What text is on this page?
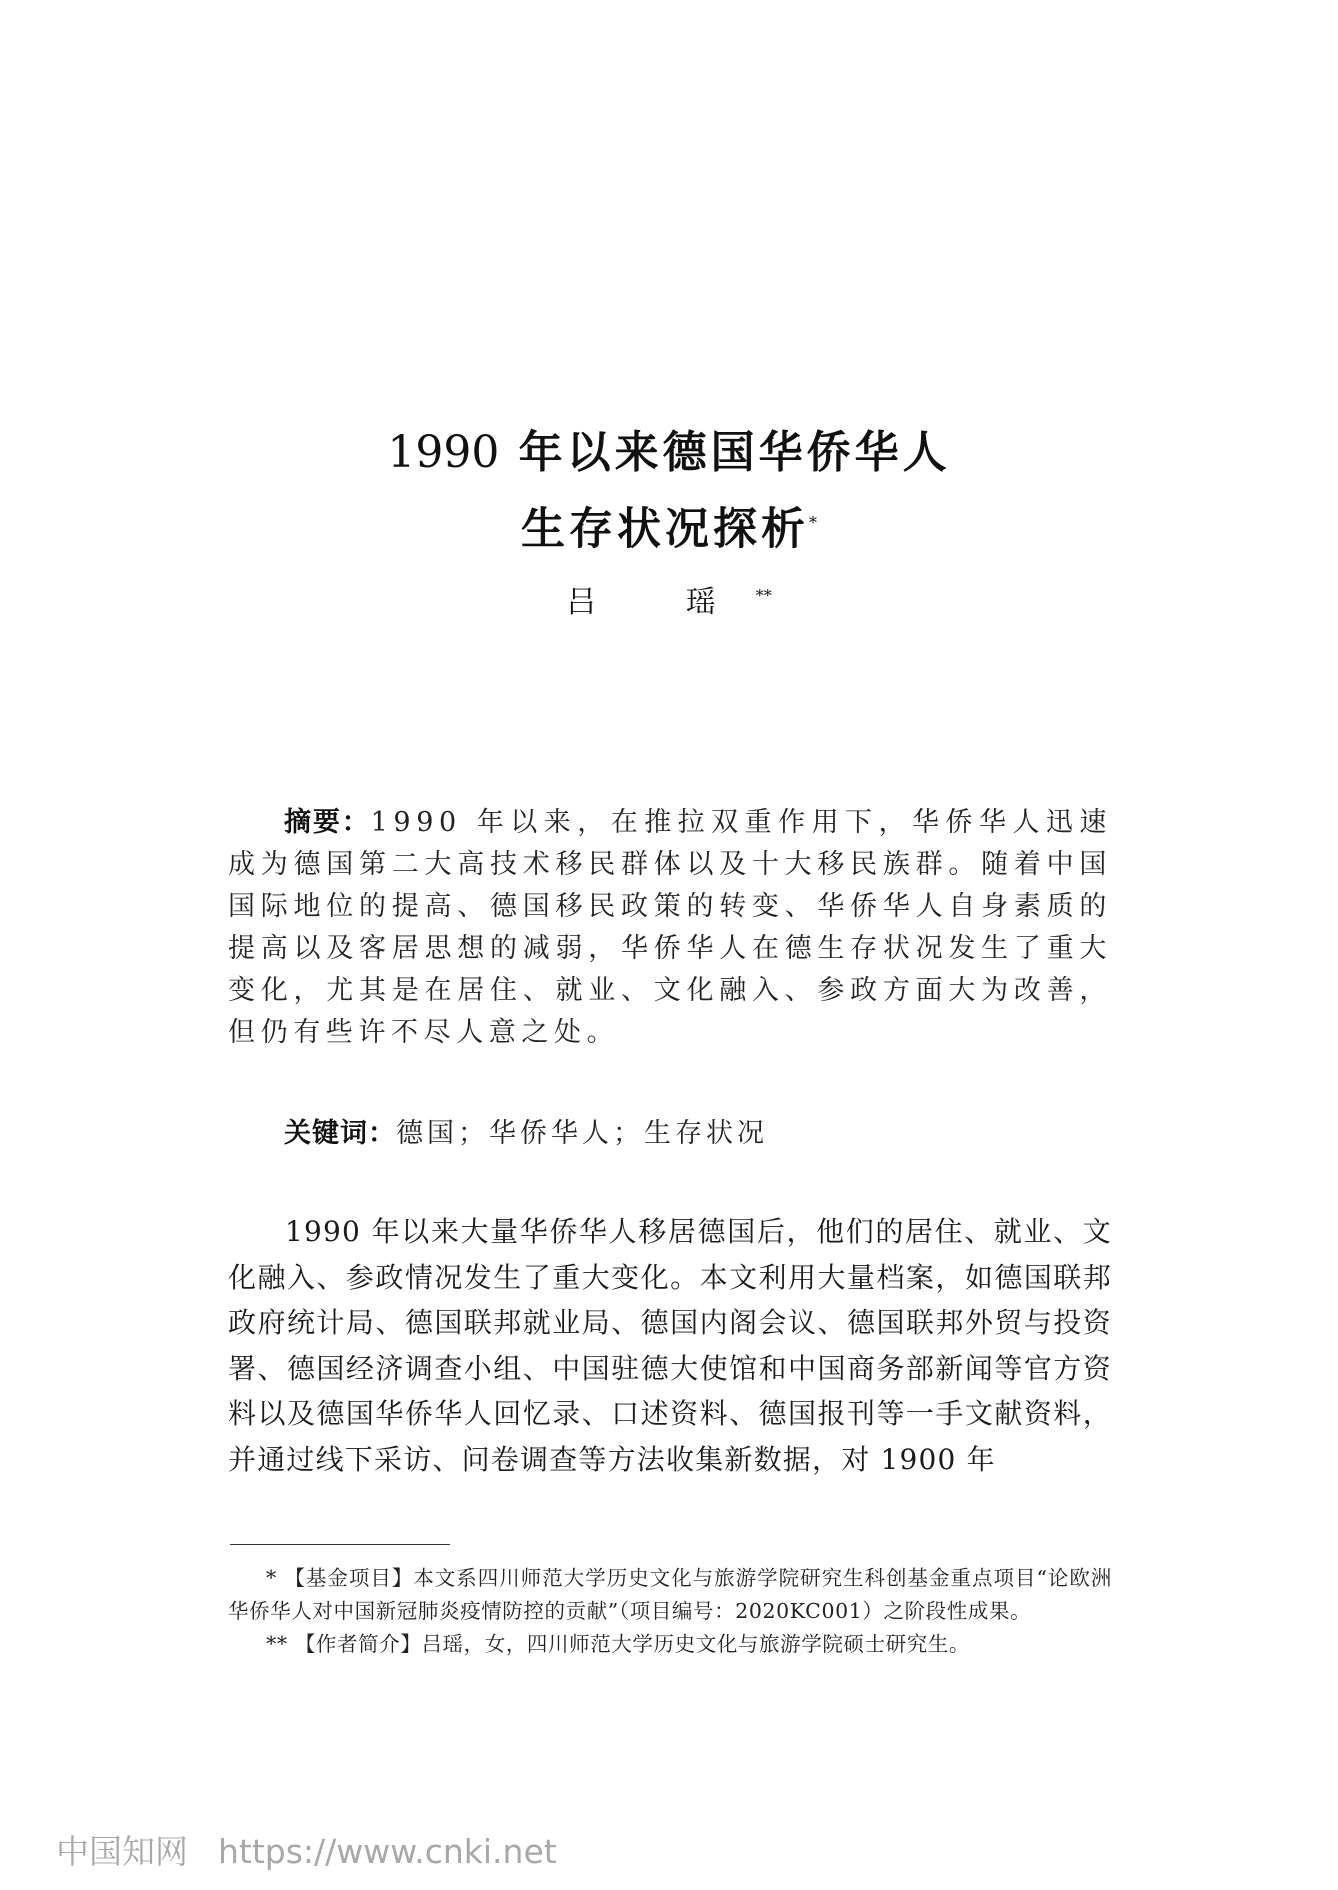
1990 年以来德国华侨华人
生存状况探析*
吕 瑶**
摘要：1990 年以来，在推拉双重作用下，华侨华人迅速成为德国第二大高技术移民群体以及十大移民族群。随着中国国际地位的提高、德国移民政策的转变、华侨华人自身素质的提高以及客居思想的减弱，华侨华人在德生存状况发生了重大变化，尤其是在居住、就业、文化融入、参政方面大为改善，但仍有些许不尽人意之处。
关键词：德国；华侨华人；生存状况
1990 年以来大量华侨华人移居德国后，他们的居住、就业、文化融入、参政情况发生了重大变化。本文利用大量档案，如德国联邦政府统计局、德国联邦就业局、德国内阁会议、德国联邦外贸与投资署、德国经济调查小组、中国驻德大使馆和中国商务部新闻等官方资料以及德国华侨华人回忆录、口述资料、德国报刊等一手文献资料，并通过线下采访、问卷调查等方法收集新数据，对 1900 年
* 【基金项目】本文系四川师范大学历史文化与旅游学院研究生科创基金重点项目“论欧洲华侨华人对中国新冠肺炎疫情防控的贡献”（项目编号：2020KC001）之阶段性成果。
** 【作者简介】吕瑶，女，四川师范大学历史文化与旅游学院硕士研究生。
中国知网 https://www.cnki.net
